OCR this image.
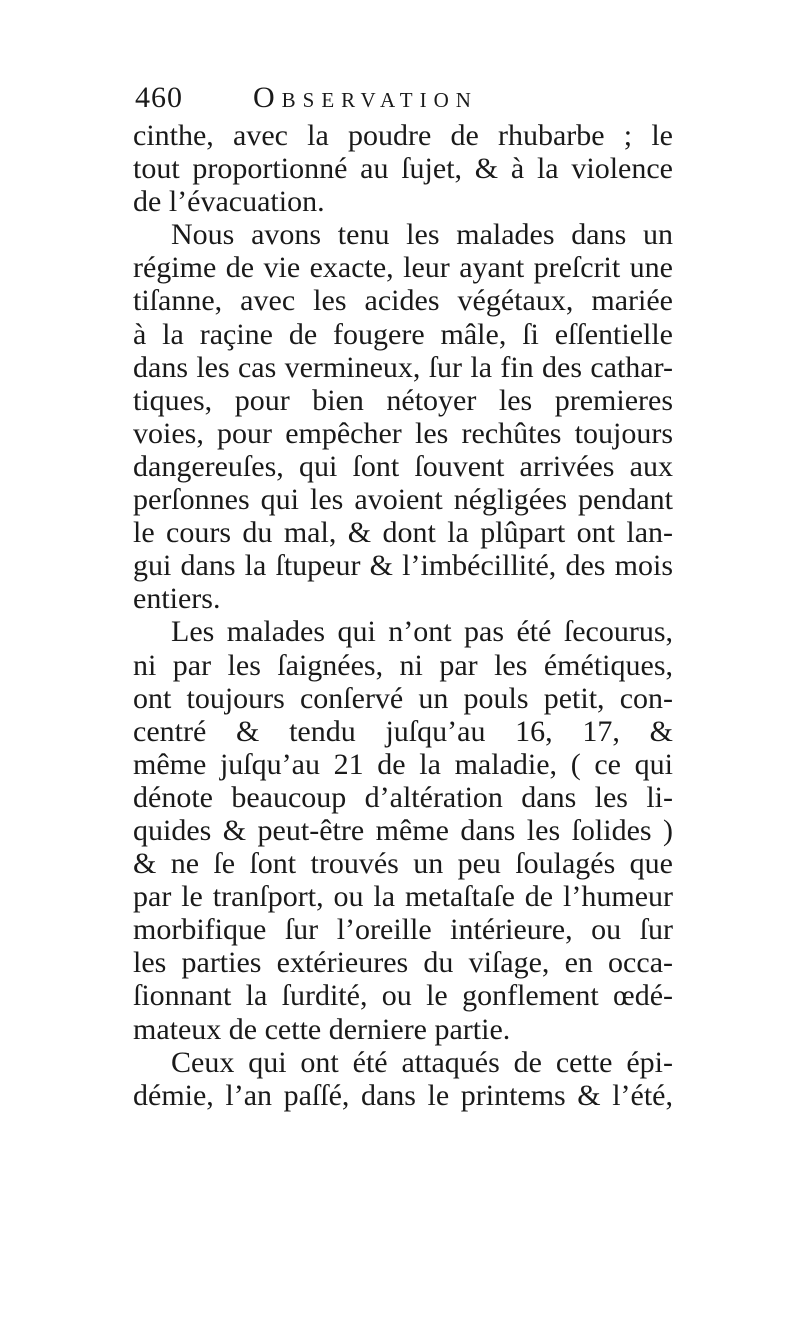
460 Observation
cinthe, avec la poudre de rhubarbe ; le
tout proportionné au ſujet, & à la violence
de l’évacuation.
Nous avons tenu les malades dans un
régime de vie exacte, leur ayant preſcrit une
tiſanne, avec les acides végétaux, mariée
à la raçine de fougere mâle, ſi eſſentielle
dans les cas vermineux, ſur la fin des cathar-
tiques, pour bien nétoyer les premieres
voies, pour empêcher les rechûtes toujours
dangereuſes, qui ſont ſouvent arrivées aux
perſonnes qui les avoient négligées pendant
le cours du mal, & dont la plûpart ont lan-
gui dans la ſtupeur & l’imbécillité, des mois
entiers.
Les malades qui n’ont pas été ſecourus,
ni par les ſaignées, ni par les émétiques,
ont toujours conſervé un pouls petit, con-
centré & tendu juſqu’au 16, 17, &
même juſqu’au 21 de la maladie, ( ce qui
dénote beaucoup d’altération dans les li-
quides & peut-être même dans les ſolides )
& ne ſe ſont trouvés un peu ſoulagés que
par le tranſport, ou la metaſtaſe de l’humeur
morbifique ſur l’oreille intérieure, ou ſur
les parties extérieures du viſage, en occa-
ſionnant la ſurdité, ou le gonflement œdé-
mateux de cette derniere partie.
Ceux qui ont été attaqués de cette épi-
démie, l’an paſſé, dans le printems & l’été,
